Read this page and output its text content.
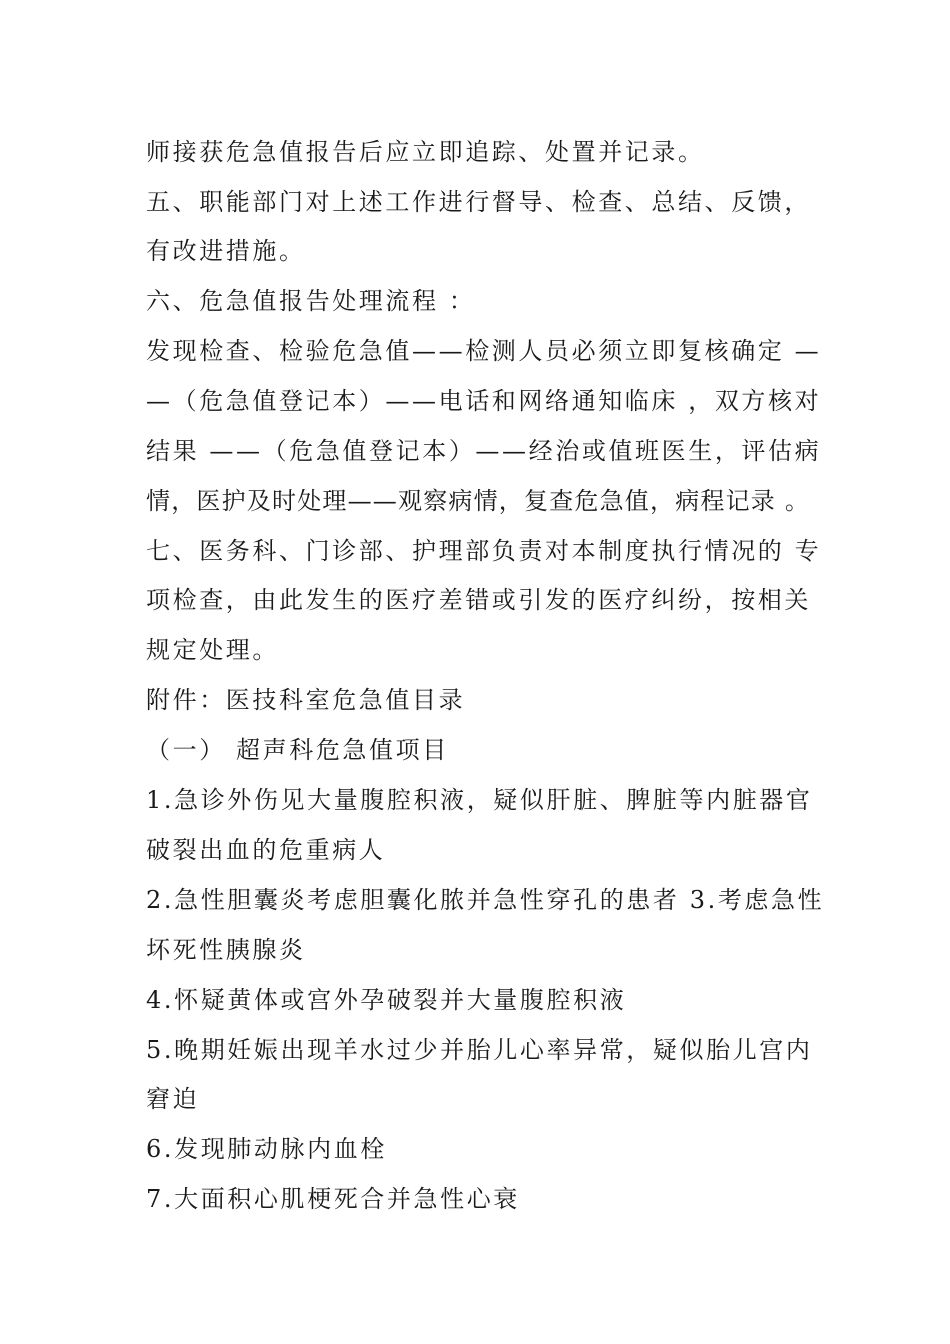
师接获危急值报告后应立即追踪、处置并记录。
五、职能部门对上述工作进行督导、检查、总结、反馈，
有改进措施。
六、危急值报告处理流程 ：
发现检查、检验危急值——检测人员必须立即复核确定 —
—（危急值登记本）——电话和网络通知临床 ，双方核对
结果 ——（危急值登记本）——经治或值班医生，评估病
情，医护及时处理——观察病情，复查危急值，病程记录 。
七、医务科、门诊部、护理部负责对本制度执行情况的 专
项检查，由此发生的医疗差错或引发的医疗纠纷，按相关
规定处理。
附件：医技科室危急值目录
（一） 超声科危急值项目
1.急诊外伤见大量腹腔积液，疑似肝脏、脾脏等内脏器官
破裂出血的危重病人
2.急性胆囊炎考虑胆囊化脓并急性穿孔的患者 3.考虑急性
坏死性胰腺炎
4.怀疑黄体或宫外孕破裂并大量腹腔积液
5.晚期妊娠出现羊水过少并胎儿心率异常，疑似胎儿宫内
窘迫
6.发现肺动脉内血栓
7.大面积心肌梗死合并急性心衰
